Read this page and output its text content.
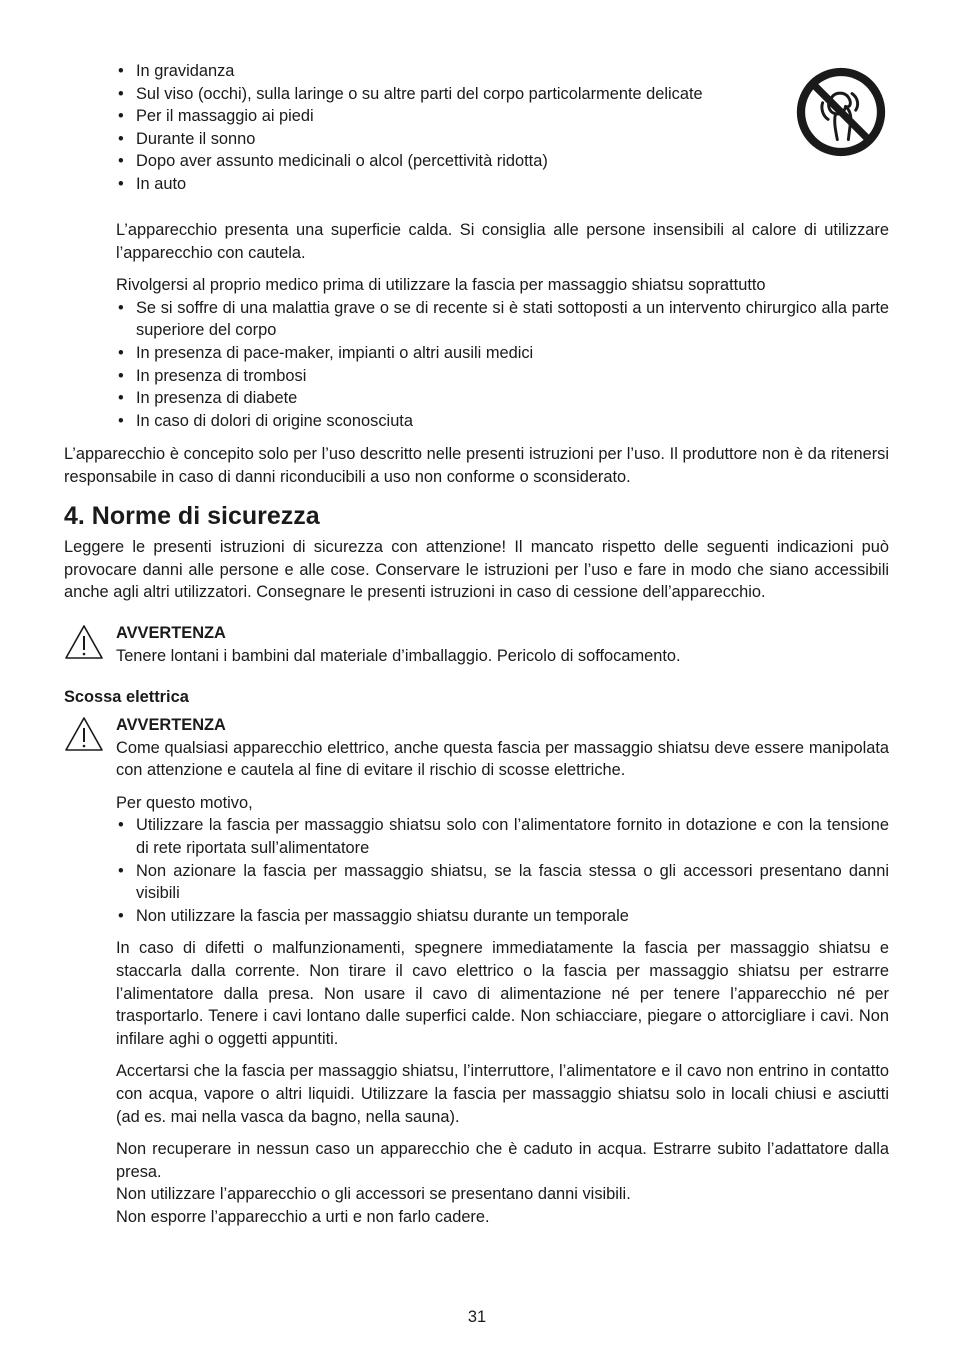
• In gravidanza
• Sul viso (occhi), sulla laringe o su altre parti del corpo particolarmente delicate
• Per il massaggio ai piedi
• Durante il sonno
• Dopo aver assunto medicinali o alcol (percettività ridotta)
• In auto

L’apparecchio presenta una superficie calda. Si consiglia alle persone insensibili al calore di utilizzare l’apparecchio con cautela.

Rivolgersi al proprio medico prima di utilizzare la fascia per massaggio shiatsu soprattutto

• Se si soffre di una malattia grave o se di recente si è stati sottoposti a un intervento chirurgico alla parte superiore del corpo
• In presenza di pace-maker, impianti o altri ausili medici
• In presenza di trombosi
• In presenza di diabete
• In caso di dolori di origine sconosciuta

L’apparecchio è concepito solo per l’uso descritto nelle presenti istruzioni per l’uso. Il produttore non è da ritenersi responsabile in caso di danni riconducibili a uso non conforme o sconsiderato.

4. Norme di sicurezza

Leggere le presenti istruzioni di sicurezza con attenzione! Il mancato rispetto delle seguenti indicazioni può provocare danni alle persone e alle cose. Conservare le istruzioni per l’uso e fare in modo che siano accessibili anche agli altri utilizzatori. Consegnare le presenti istruzioni in caso di cessione dell’apparecchio.

AVVERTENZA

Tenere lontani i bambini dal materiale d’imballaggio. Pericolo di soffocamento.

Scossa elettrica

AVVERTENZA

Come qualsiasi apparecchio elettrico, anche questa fascia per massaggio shiatsu deve essere manipolata con attenzione e cautela al fine di evitare il rischio di scosse elettriche.

Per questo motivo,

• Utilizzare la fascia per massaggio shiatsu solo con l’alimentatore fornito in dotazione e con la tensione di rete riportata sull’alimentatore
• Non azionare la fascia per massaggio shiatsu, se la fascia stessa o gli accessori presentano danni visibili
• Non utilizzare la fascia per massaggio shiatsu durante un temporale

In caso di difetti o malfunzionamenti, spegnere immediatamente la fascia per massaggio shiatsu e staccarla dalla corrente. Non tirare il cavo elettrico o la fascia per massaggio shiatsu per estrarre l’alimentatore dalla presa. Non usare il cavo di alimentazione né per tenere l’apparecchio né per trasportarlo. Tenere i cavi lontano dalle superfici calde. Non schiacciare, piegare o attorcigliare i cavi. Non infilare aghi o oggetti appuntiti.

Accertarsi che la fascia per massaggio shiatsu, l’interruttore, l’alimentatore e il cavo non entrino in contatto con acqua, vapore o altri liquidi. Utilizzare la fascia per massaggio shiatsu solo in locali chiusi e asciutti (ad es. mai nella vasca da bagno, nella sauna).

Non recuperare in nessun caso un apparecchio che è caduto in acqua. Estrarre subito l’adattatore dalla presa.

Non utilizzare l’apparecchio o gli accessori se presentano danni visibili.

Non esporre l’apparecchio a urti e non farlo cadere.

31
